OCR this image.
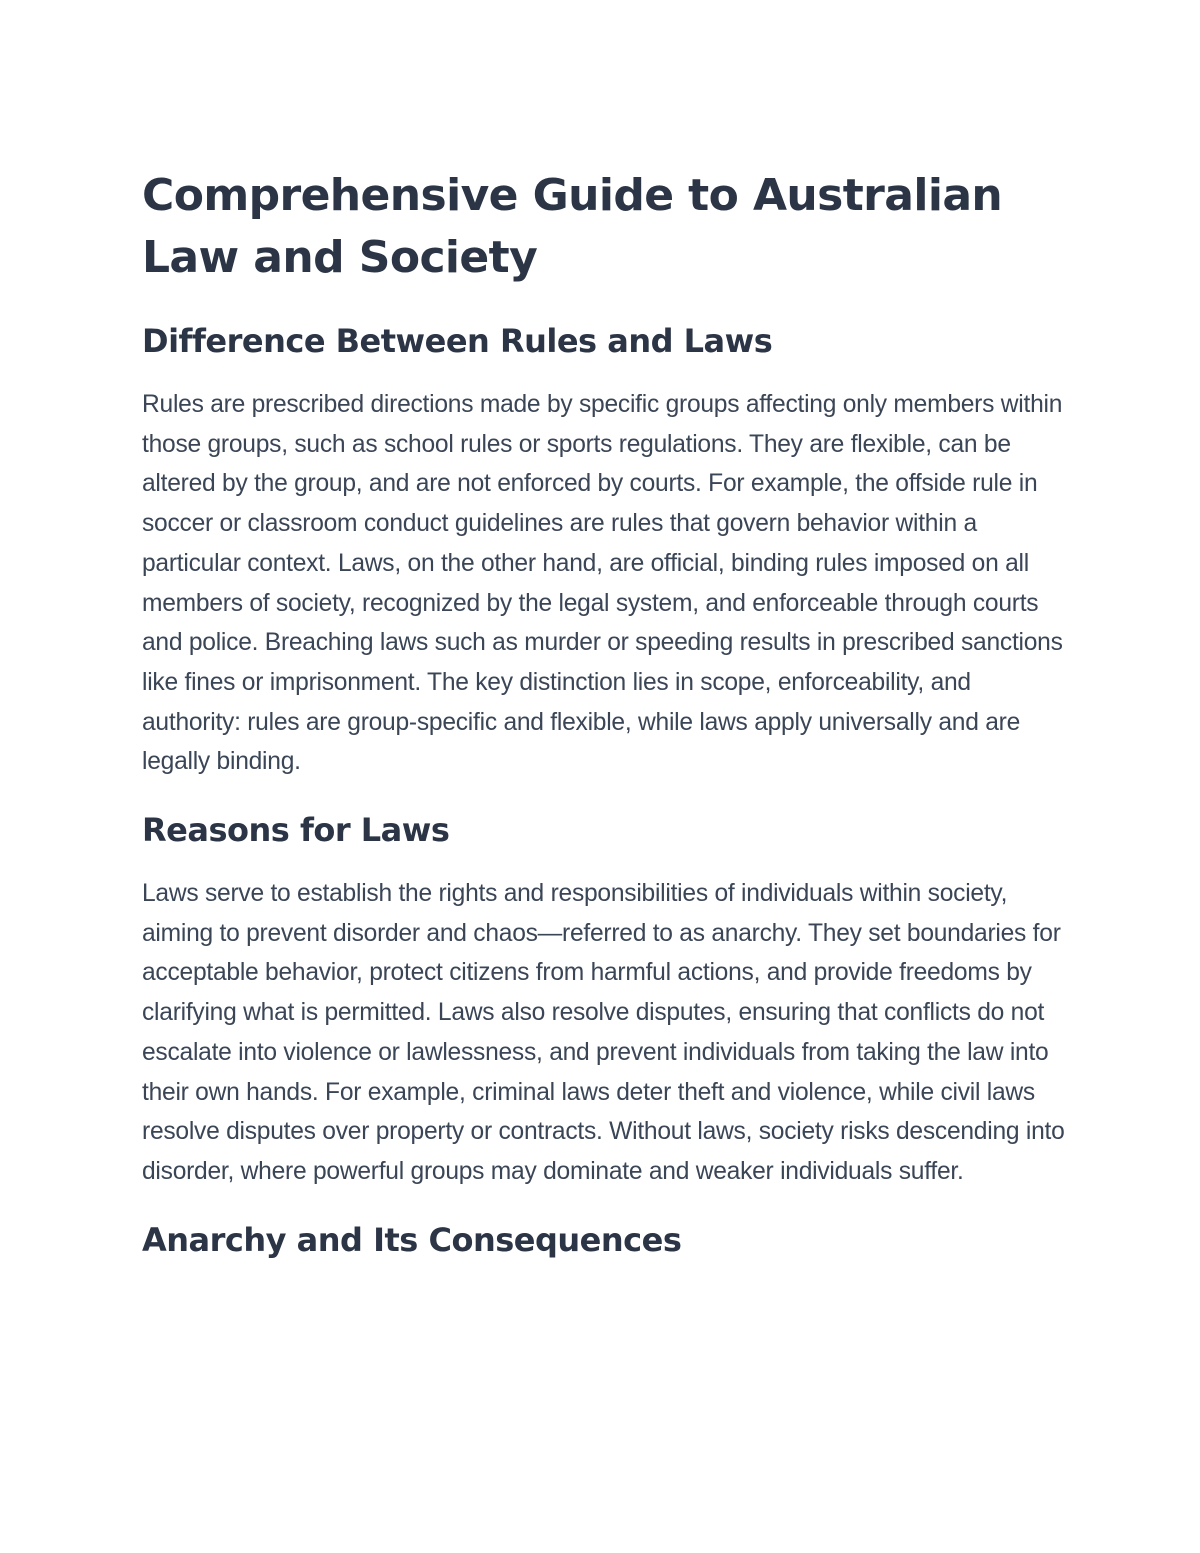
Comprehensive Guide to Australian Law and Society
Difference Between Rules and Laws

Rules are prescribed directions made by specific groups affecting only members within those groups, such as school rules or sports regulations. They are flexible, can be altered by the group, and are not enforced by courts. For example, the offside rule in soccer or classroom conduct guidelines are rules that govern behavior within a particular context. Laws, on the other hand, are official, binding rules imposed on all members of society, recognized by the legal system, and enforceable through courts and police. Breaching laws such as murder or speeding results in prescribed sanctions like fines or imprisonment. The key distinction lies in scope, enforceability, and authority: rules are group-specific and flexible, while laws apply universally and are legally binding.

Reasons for Laws

Laws serve to establish the rights and responsibilities of individuals within society, aiming to prevent disorder and chaos—referred to as anarchy. They set boundaries for acceptable behavior, protect citizens from harmful actions, and provide freedoms by clarifying what is permitted. Laws also resolve disputes, ensuring that conflicts do not escalate into violence or lawlessness, and prevent individuals from taking the law into their own hands. For example, criminal laws deter theft and violence, while civil laws resolve disputes over property or contracts. Without laws, society risks descending into disorder, where powerful groups may dominate and weaker individuals suffer.

Anarchy and Its Consequences
